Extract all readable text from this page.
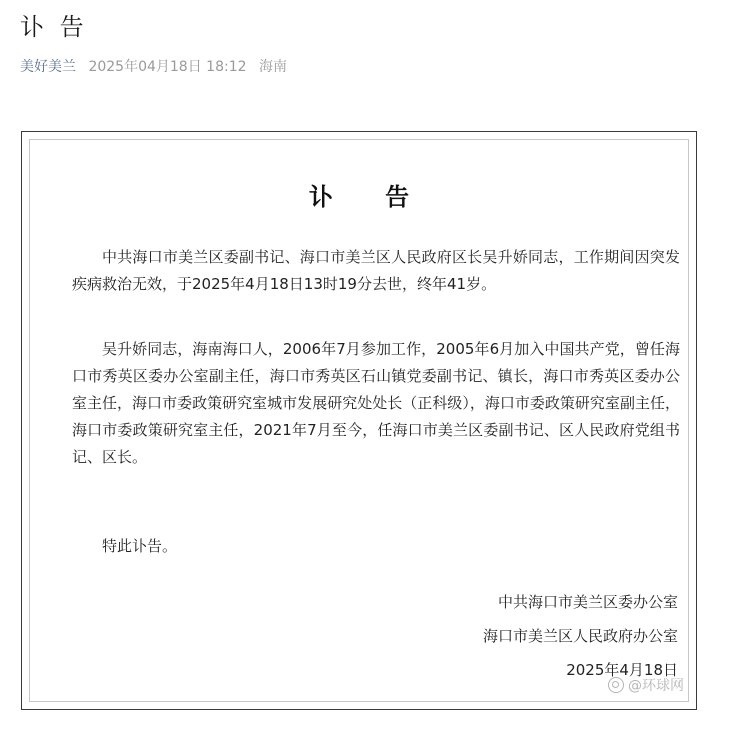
讣 告
美好美兰 2025年04月18日 18:12 海南
讣 告

中共海口市美兰区委副书记、海口市美兰区人民政府区长吴升娇同志，工作期间因突发疾病救治无效，于2025年4月18日13时19分去世，终年41岁。

吴升娇同志，海南海口人，2006年7月参加工作，2005年6月加入中国共产党，曾任海口市秀英区委办公室副主任，海口市秀英区石山镇党委副书记、镇长，海口市秀英区委办公室主任，海口市委政策研究室城市发展研究处处长（正科级），海口市委政策研究室副主任，海口市委政策研究室主任，2021年7月至今，任海口市美兰区委副书记、区人民政府党组书记、区长。

特此讣告。

中共海口市美兰区委办公室
海口市美兰区人民政府办公室
2025年4月18日
@环球网
